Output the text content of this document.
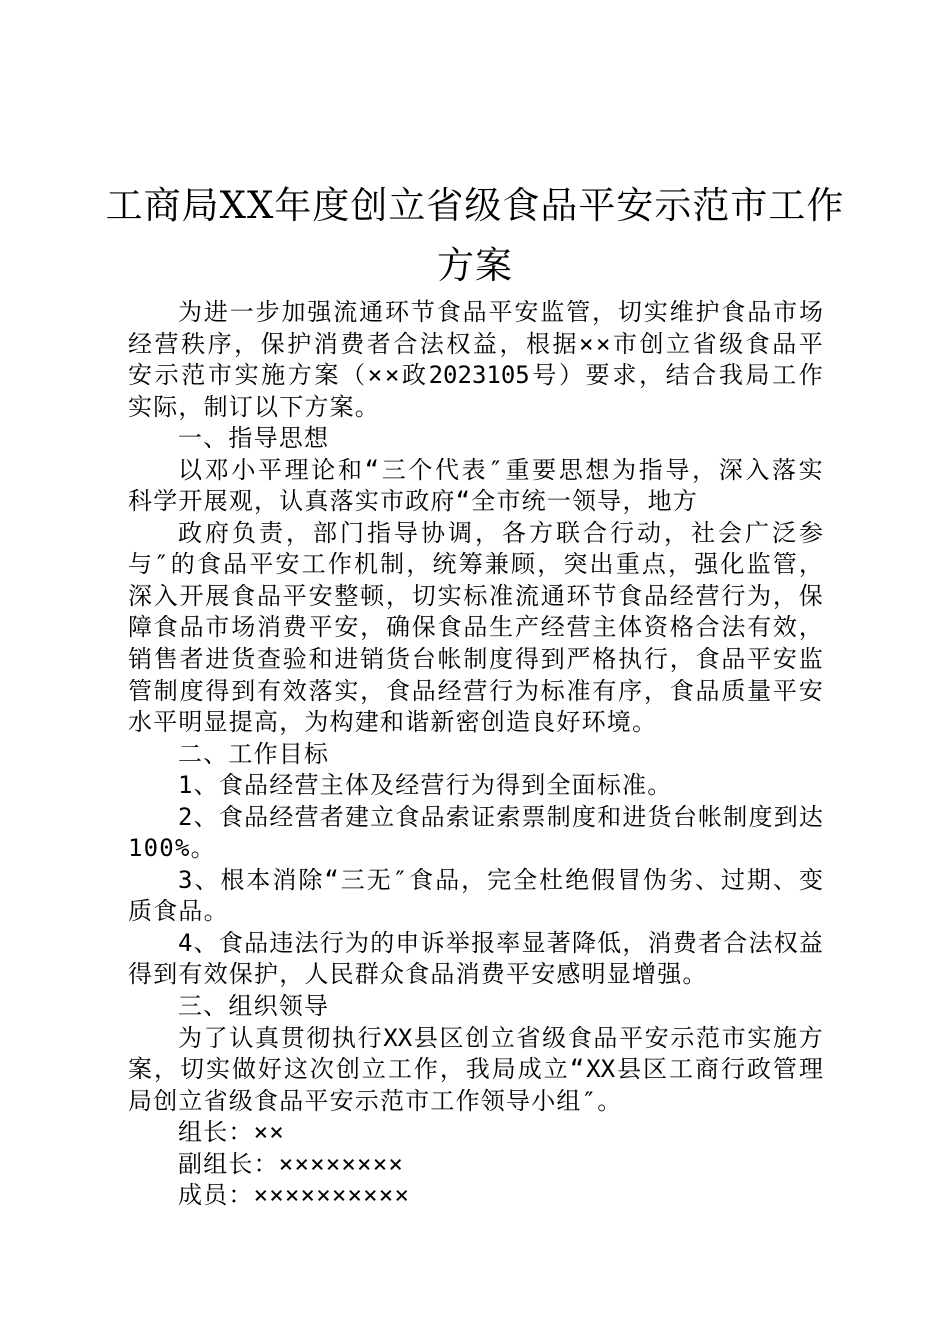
工商局XX年度创立省级食品平安示范市工作
方案
为 进 一 步 加 强 流 通 环 节 食 品 平 安 监 管 ， 切 实 维 护 食 品 市 场
经 营 秩 序 ， 保 护 消 费 者 合 法 权 益 ， 根 据 × × 市 创 立 省 级 食 品 平
安 示 范 市 实 施 方 案 （ × × 政 2023105 号 ） 要 求 ， 结 合 我 局 工 作
实际，制订以下方案。
一、指导思想
以 邓 小 平 理 论 和 “ 三 个 代 表 ″ 重 要 思 想 为 指 导 ， 深 入 落 实
科学开展观，认真落实市政府“全市统一领导，地方
政 府 负 责 ， 部 门 指 导 协 调 ， 各 方 联 合 行 动 ， 社 会 广 泛 参
与 ″ 的 食 品 平 安 工 作 机 制 ， 统 筹 兼 顾 ， 突 出 重 点 ， 强 化 监 管 ，
深 入 开 展 食 品 平 安 整 顿 ， 切 实 标 准 流 通 环 节 食 品 经 营 行 为 ， 保
障 食 品 市 场 消 费 平 安 ， 确 保 食 品 生 产 经 营 主 体 资 格 合 法 有 效 ，
销 售 者 进 货 查 验 和 进 销 货 台 帐 制 度 得 到 严 格 执 行 ， 食 品 平 安 监
管 制 度 得 到 有 效 落 实 ， 食 品 经 营 行 为 标 准 有 序 ， 食 品 质 量 平 安
水平明显提高，为构建和谐新密创造良好环境。
二、工作目标
1、食品经营主体及经营行为得到全面标准。
2 、 食 品 经 营 者 建 立 食 品 索 证 索 票 制 度 和 进 货 台 帐 制 度 到 达
100%。
3 、 根 本 消 除 “ 三 无 ″ 食 品 ， 完 全 杜 绝 假 冒 伪 劣 、 过 期 、 变
质食品。
4 、 食 品 违 法 行 为 的 申 诉 举 报 率 显 著 降 低 ， 消 费 者 合 法 权 益
得到有效保护，人民群众食品消费平安感明显增强。
三、组织领导
为 了 认 真 贯 彻 执 行 XX 县 区 创 立 省 级 食 品 平 安 示 范 市 实 施 方
案 ， 切 实 做 好 这 次 创 立 工 作 ， 我 局 成 立 “ XX 县 区 工 商 行 政 管 理
局创立省级食品平安示范市工作领导小组″。
组长：××
副组长：××××××××
成员：××××××××××
